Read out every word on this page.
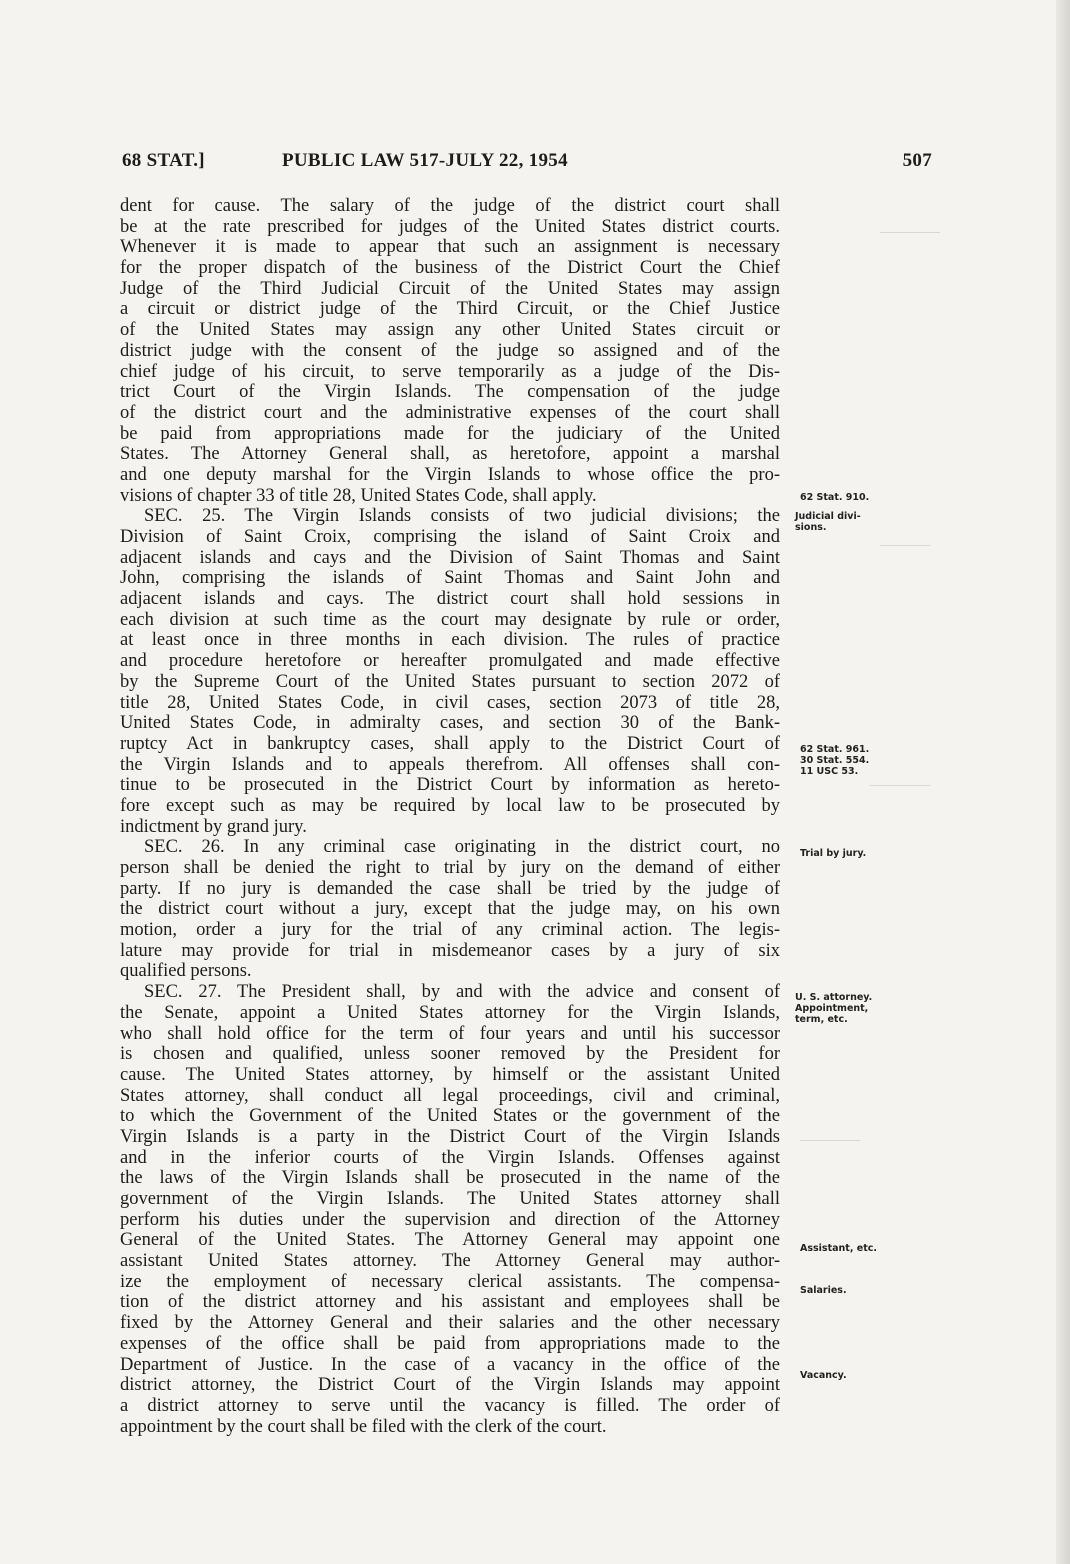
68 STAT.]	PUBLIC LAW 517-JULY 22, 1954	507
dent for cause. The salary of the judge of the district court shall
be at the rate prescribed for judges of the United States district courts.
Whenever it is made to appear that such an assignment is necessary
for the proper dispatch of the business of the District Court the Chief
Judge of the Third Judicial Circuit of the United States may assign
a circuit or district judge of the Third Circuit, or the Chief Justice
of the United States may assign any other United States circuit or
district judge with the consent of the judge so assigned and of the
chief judge of his circuit, to serve temporarily as a judge of the Dis-
trict Court of the Virgin Islands. The compensation of the judge
of the district court and the administrative expenses of the court shall
be paid from appropriations made for the judiciary of the United
States. The Attorney General shall, as heretofore, appoint a marshal
and one deputy marshal for the Virgin Islands to whose office the pro-
visions of chapter 33 of title 28, United States Code, shall apply.
SEC. 25. The Virgin Islands consists of two judicial divisions; the
Division of Saint Croix, comprising the island of Saint Croix and
adjacent islands and cays and the Division of Saint Thomas and Saint
John, comprising the islands of Saint Thomas and Saint John and
adjacent islands and cays. The district court shall hold sessions in
each division at such time as the court may designate by rule or order,
at least once in three months in each division. The rules of practice
and procedure heretofore or hereafter promulgated and made effective
by the Supreme Court of the United States pursuant to section 2072 of
title 28, United States Code, in civil cases, section 2073 of title 28,
United States Code, in admiralty cases, and section 30 of the Bank-
ruptcy Act in bankruptcy cases, shall apply to the District Court of
the Virgin Islands and to appeals therefrom. All offenses shall con-
tinue to be prosecuted in the District Court by information as hereto-
fore except such as may be required by local law to be prosecuted by
indictment by grand jury.
SEC. 26. In any criminal case originating in the district court, no
person shall be denied the right to trial by jury on the demand of either
party. If no jury is demanded the case shall be tried by the judge of
the district court without a jury, except that the judge may, on his own
motion, order a jury for the trial of any criminal action. The legis-
lature may provide for trial in misdemeanor cases by a jury of six
qualified persons.
SEC. 27. The President shall, by and with the advice and consent of
the Senate, appoint a United States attorney for the Virgin Islands,
who shall hold office for the term of four years and until his successor
is chosen and qualified, unless sooner removed by the President for
cause. The United States attorney, by himself or the assistant United
States attorney, shall conduct all legal proceedings, civil and criminal,
to which the Government of the United States or the government of the
Virgin Islands is a party in the District Court of the Virgin Islands
and in the inferior courts of the Virgin Islands. Offenses against
the laws of the Virgin Islands shall be prosecuted in the name of the
government of the Virgin Islands. The United States attorney shall
perform his duties under the supervision and direction of the Attorney
General of the United States. The Attorney General may appoint one
assistant United States attorney. The Attorney General may author-
ize the employment of necessary clerical assistants. The compensa-
tion of the district attorney and his assistant and employees shall be
fixed by the Attorney General and their salaries and the other necessary
expenses of the office shall be paid from appropriations made to the
Department of Justice. In the case of a vacancy in the office of the
district attorney, the District Court of the Virgin Islands may appoint
a district attorney to serve until the vacancy is filled. The order of
appointment by the court shall be filed with the clerk of the court.
62 Stat. 910.
Judicial divi-
sions.
62 Stat. 961.
30 Stat. 554.
11 USC 53.
Trial by jury.
U. S. attorney.
Appointment,
term, etc.
Assistant, etc.
Salaries.
Vacancy.
